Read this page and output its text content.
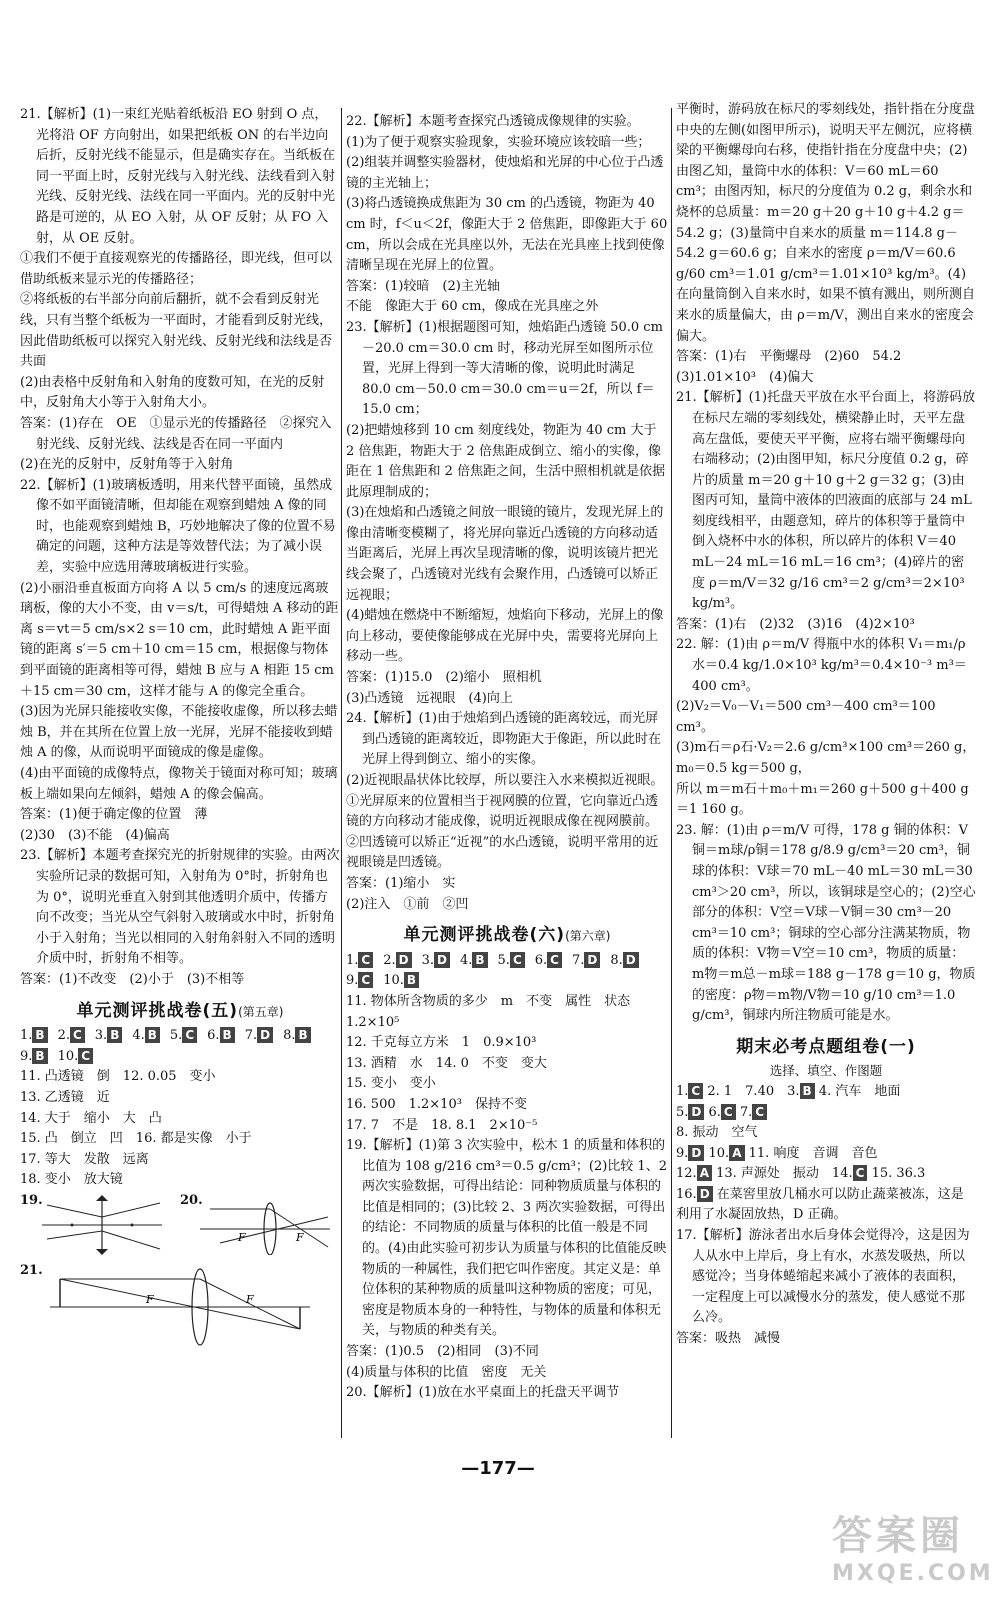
21.【解析】(1)一束红光贴着纸板沿 EO 射到 O 点，光将沿 OF 方向射出，如果把纸板 ON 的右半边向后折，反射光线不能显示，但是确实存在。当纸板在同一平面上时，反射光线与入射光线、法线看到入射光线、反射光线、法线在同一平面内。光的反射中光路是可逆的，从 EO 入射，从 OF 反射；从 FO 入射，从 OE 反射。

①我们不便于直接观察光的传播路径，即光线，但可以借助纸板来显示光的传播路径；

②将纸板的右半部分向前后翻折，就不会看到反射光线，只有当整个纸板为一平面时，才能看到反射光线，因此借助纸板可以探究入射光线、反射光线和法线是否共面

(2)由表格中反射角和入射角的度数可知，在光的反射中，反射角大小等于入射角大小。

答案：(1)存在　OE　①显示光的传播路径　②探究入射光线、反射光线、法线是否在同一平面内

(2)在光的反射中，反射角等于入射角

22.【解析】(1)玻璃板透明，用来代替平面镜，虽然成像不如平面镜清晰，但却能在观察到蜡烛 A 像的同时，也能观察到蜡烛 B，巧妙地解决了像的位置不易确定的问题，这种方法是等效替代法；为了减小误差，实验中应选用薄玻璃板进行实验。

(2)小丽沿垂直板面方向将 A 以 5 cm/s 的速度远离玻璃板，像的大小不变，由 v＝s/t，可得蜡烛 A 移动的距离 s＝vt＝5 cm/s×2 s＝10 cm，此时蜡烛 A 距平面镜的距离 s′＝5 cm＋10 cm＝15 cm，根据像与物体到平面镜的距离相等可得，蜡烛 B 应与 A 相距 15 cm＋15 cm＝30 cm，这样才能与 A 的像完全重合。

(3)因为光屏只能接收实像，不能接收虚像，所以移去蜡烛 B，并在其所在位置上放一光屏，光屏不能接收到蜡烛 A 的像，从而说明平面镜成的像是虚像。

(4)由平面镜的成像特点，像物关于镜面对称可知；玻璃板上端如果向左倾斜，蜡烛 A 的像会偏高。

答案：(1)便于确定像的位置　薄

(2)30　(3)不能　(4)偏高

23.【解析】本题考查探究光的折射规律的实验。由两次实验所记录的数据可知，入射角为 0°时，折射角也为 0°，说明光垂直入射到其他透明介质中，传播方向不改变；当光从空气斜射入玻璃或水中时，折射角小于入射角；当光以相同的入射角斜射入不同的透明介质中时，折射角不相等。

答案：(1)不改变　(2)小于　(3)不相等

单元测评挑战卷(五)(第五章)
1. B 2. C 3. B 4. B 5. C 6. B 7. D 8. B
9. B 10. C

11. 凸透镜　倒　12. 0.05　变小

13. 乙透镜　近

14. 大于　缩小　大　凸

15. 凸　倒立　凹　16. 都是实像　小于

17. 等大　发散　远离

18. 变小　放大镜

19.	20.
F	F
21.
F	F

22.【解析】本题考查探究凸透镜成像规律的实验。

(1)为了便于观察实验现象，实验环境应该较暗一些；

(2)组装并调整实验器材，使烛焰和光屏的中心位于凸透镜的主光轴上；

(3)将凸透镜换成焦距为 30 cm 的凸透镜，物距为 40 cm 时，f＜u＜2f，像距大于 2 倍焦距，即像距大于 60 cm，所以会成在光具座以外，无法在光具座上找到使像清晰呈现在光屏上的位置。

答案：(1)较暗　(2)主光轴

不能　像距大于 60 cm，像成在光具座之外

23.【解析】(1)根据题图可知，烛焰距凸透镜 50.0 cm－20.0 cm＝30.0 cm 时，移动光屏至如图所示位置，光屏上得到一等大清晰的像，说明此时满足 80.0 cm－50.0 cm＝30.0 cm＝u＝2f，所以 f＝15.0 cm；

(2)把蜡烛移到 10 cm 刻度线处，物距为 40 cm 大于 2 倍焦距，物距大于 2 倍焦距成倒立、缩小的实像，像距在 1 倍焦距和 2 倍焦距之间，生活中照相机就是依据此原理制成的；

(3)在烛焰和凸透镜之间放一眼镜的镜片，发现光屏上的像由清晰变模糊了，将光屏向靠近凸透镜的方向移动适当距离后，光屏上再次呈现清晰的像，说明该镜片把光线会聚了，凸透镜对光线有会聚作用，凸透镜可以矫正远视眼；

(4)蜡烛在燃烧中不断缩短，烛焰向下移动，光屏上的像向上移动，要使像能够成在光屏中央，需要将光屏向上移动一些。

答案：(1)15.0　(2)缩小　照相机

(3)凸透镜　远视眼　(4)向上

24.【解析】(1)由于烛焰到凸透镜的距离较远，而光屏到凸透镜的距离较近，即物距大于像距，所以此时在光屏上得到倒立、缩小的实像。

(2)近视眼晶状体比较厚，所以要注入水来模拟近视眼。①光屏原来的位置相当于视网膜的位置，它向靠近凸透镜的方向移动才能成像，说明近视眼成像在视网膜前。②凹透镜可以矫正“近视”的水凸透镜，说明平常用的近视眼镜是凹透镜。

答案：(1)缩小　实

(2)注入　①前　②凹

单元测评挑战卷(六)(第六章)
1. C 2. D 3. D 4. B 5. C 6. C 7. D 8. D
9. C 10. B

11. 物体所含物质的多少　m　不变　属性　状态　1.2×10⁵

12. 千克每立方米　1　0.9×10³

13. 酒精　水　14. 0　不变　变大

15. 变小　变小

16. 500　1.2×10³　保持不变

17. 7　不是　18. 8.1　2×10⁻⁵

19.【解析】(1)第 3 次实验中，松木 1 的质量和体积的比值为 108 g/216 cm³＝0.5 g/cm³；(2)比较 1、2 两次实验数据，可得出结论：同种物质质量与体积的比值是相同的；(3)比较 2、3 两次实验数据，可得出的结论：不同物质的质量与体积的比值一般是不同的。(4)由此实验可初步认为质量与体积的比值能反映物质的一种属性，我们把它叫作密度。其定义是：单位体积的某种物质的质量叫这种物质的密度；可见，密度是物质本身的一种特性，与物体的质量和体积无关，与物质的种类有关。

答案：(1)0.5　(2)相同　(3)不同

(4)质量与体积的比值　密度　无关

20.【解析】(1)放在水平桌面上的托盘天平调节

平衡时，游码放在标尺的零刻线处，指针指在分度盘中央的左侧(如图甲所示)，说明天平左侧沉，应将横梁的平衡螺母向右移，使指针指在分度盘中央；(2)由图乙知，量筒中水的体积：V＝60 mL＝60 cm³；由图丙知，标尺的分度值为 0.2 g，剩余水和烧杯的总质量：m＝20 g＋20 g＋10 g＋4.2 g＝54.2 g；(3)量筒中自来水的质量 m＝114.8 g－54.2 g＝60.6 g；自来水的密度 ρ＝m/V＝60.6 g/60 cm³＝1.01 g/cm³＝1.01×10³ kg/m³。(4)在向量筒倒入自来水时，如果不慎有溅出，则所测自来水的质量偏大，由 ρ＝m/V，测出自来水的密度会偏大。

答案：(1)右　平衡螺母　(2)60　54.2

(3)1.01×10³　(4)偏大

21.【解析】(1)托盘天平放在水平台面上，将游码放在标尺左端的零刻线处，横梁静止时，天平左盘高左盘低，要使天平平衡，应将右端平衡螺母向右端移动；(2)由图甲知，标尺分度值 0.2 g，碎片的质量 m＝20 g＋10 g＋2 g＝32 g；(3)由图丙可知，量筒中液体的凹液面的底部与 24 mL 刻度线相平，由题意知，碎片的体积等于量筒中倒入烧杯中水的体积，所以碎片的体积 V＝40 mL－24 mL＝16 mL＝16 cm³；(4)碎片的密度 ρ＝m/V＝32 g/16 cm³＝2 g/cm³＝2×10³ kg/m³。

答案：(1)右　(2)32　(3)16　(4)2×10³

22. 解：(1)由 ρ＝m/V 得瓶中水的体积 V₁＝m₁/ρ水＝0.4 kg/1.0×10³ kg/m³＝0.4×10⁻³ m³＝400 cm³。

(2)V₂＝V₀－V₁＝500 cm³－400 cm³＝100 cm³。

(3)m石＝ρ石·V₂＝2.6 g/cm³×100 cm³＝260 g，

m₀＝0.5 kg＝500 g，

所以 m＝m石＋m₀＋m₁＝260 g＋500 g＋400 g＝1 160 g。

23. 解：(1)由 ρ＝m/V 可得，178 g 铜的体积：V铜＝m球/ρ铜＝178 g/8.9 g/cm³＝20 cm³，铜球的体积：V球＝70 mL－40 mL＝30 mL＝30 cm³＞20 cm³，所以，该铜球是空心的；(2)空心部分的体积：V空＝V球－V铜＝30 cm³－20 cm³＝10 cm³；铜球的空心部分注满某物质，物质的体积：V物＝V空＝10 cm³，物质的质量：m物＝m总－m球＝188 g－178 g＝10 g，物质的密度：ρ物＝m物/V物＝10 g/10 cm³＝1.0 g/cm³，铜球内所注物质可能是水。

期末必考点题组卷(一)
选择、填空、作图题

1. C 2. 1　7.40　3. B 4. 汽车　地面

5. D 6. C 7. C

8. 振动　空气

9. D 10. A 11. 响度　音调　音色

12. A 13. 声源处　振动　14. C 15. 36.3

16. D 在菜窖里放几桶水可以防止蔬菜被冻，这是利用了水凝固放热，D 正确。

17.【解析】游泳者出水后身体会觉得冷，这是因为人从水中上岸后，身上有水，水蒸发吸热，所以感觉冷；当身体蜷缩起来减小了液体的表面积，一定程度上可以减慢水分的蒸发，使人感觉不那么冷。

答案：吸热　减慢

—177—
答案圈
MXQE.COM
